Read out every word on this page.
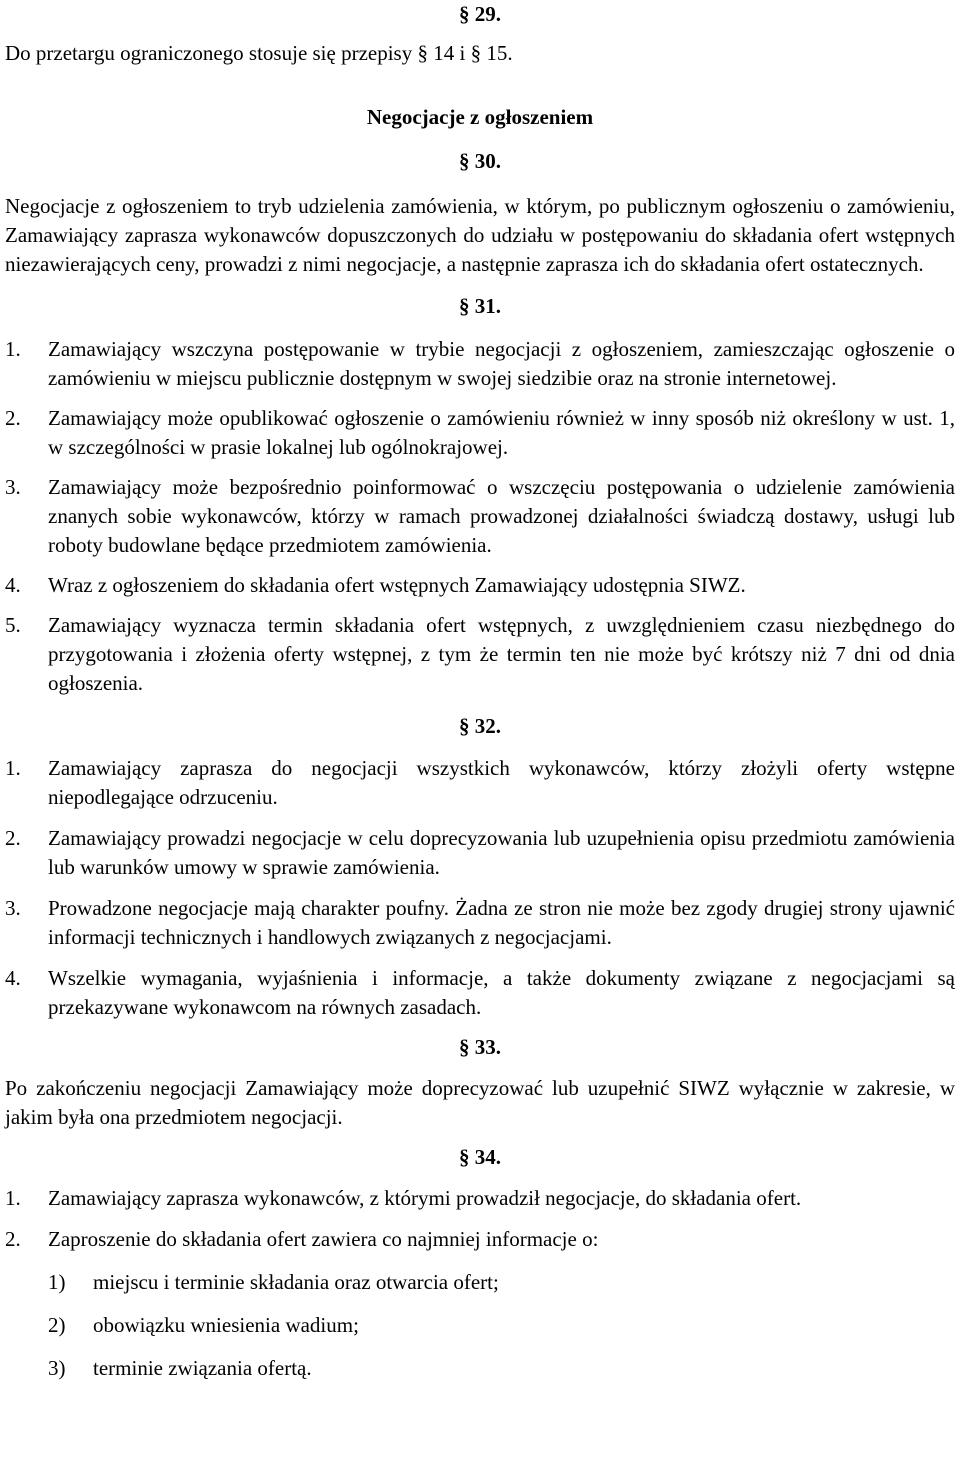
§ 29.

Do przetargu ograniczonego stosuje się przepisy § 14 i § 15.

Negocjacje z ogłoszeniem
§ 30.

Negocjacje z ogłoszeniem to tryb udzielenia zamówienia, w którym, po publicznym ogłoszeniu o zamówieniu, Zamawiający zaprasza wykonawców dopuszczonych do udziału w postępowaniu do składania ofert wstępnych niezawierających ceny, prowadzi z nimi negocjacje, a następnie zaprasza ich do składania ofert ostatecznych.

§ 31.
1.	Zamawiający wszczyna postępowanie w trybie negocjacji z ogłoszeniem, zamieszczając ogłoszenie o zamówieniu w miejscu publicznie dostępnym w swojej siedzibie oraz na stronie internetowej.
2.	Zamawiający może opublikować ogłoszenie o zamówieniu również w inny sposób niż określony w ust. 1, w szczególności w prasie lokalnej lub ogólnokrajowej.
3.	Zamawiający może bezpośrednio poinformować o wszczęciu postępowania o udzielenie zamówienia znanych sobie wykonawców, którzy w ramach prowadzonej działalności świadczą dostawy, usługi lub roboty budowlane będące przedmiotem zamówienia.
4.	Wraz z ogłoszeniem do składania ofert wstępnych Zamawiający udostępnia SIWZ.
5.	Zamawiający wyznacza termin składania ofert wstępnych, z uwzględnieniem czasu niezbędnego do przygotowania i złożenia oferty wstępnej, z tym że termin ten nie może być krótszy niż 7 dni od dnia ogłoszenia.
§ 32.
1.	Zamawiający zaprasza do negocjacji wszystkich wykonawców, którzy złożyli oferty wstępne niepodlegające odrzuceniu.
2.	Zamawiający prowadzi negocjacje w celu doprecyzowania lub uzupełnienia opisu przedmiotu zamówienia lub warunków umowy w sprawie zamówienia.
3.	Prowadzone negocjacje mają charakter poufny. Żadna ze stron nie może bez zgody drugiej strony ujawnić informacji technicznych i handlowych związanych z negocjacjami.
4.	Wszelkie wymagania, wyjaśnienia i informacje, a także dokumenty związane z negocjacjami są przekazywane wykonawcom na równych zasadach.
§ 33.

Po zakończeniu negocjacji Zamawiający może doprecyzować lub uzupełnić SIWZ wyłącznie w zakresie, w jakim była ona przedmiotem negocjacji.

§ 34.
1.	Zamawiający zaprasza wykonawców, z którymi prowadził negocjacje, do składania ofert.
2.	Zaproszenie do składania ofert zawiera co najmniej informacje o:
1)	miejscu i terminie składania oraz otwarcia ofert;
2)	obowiązku wniesienia wadium;
3)	terminie związania ofertą.
